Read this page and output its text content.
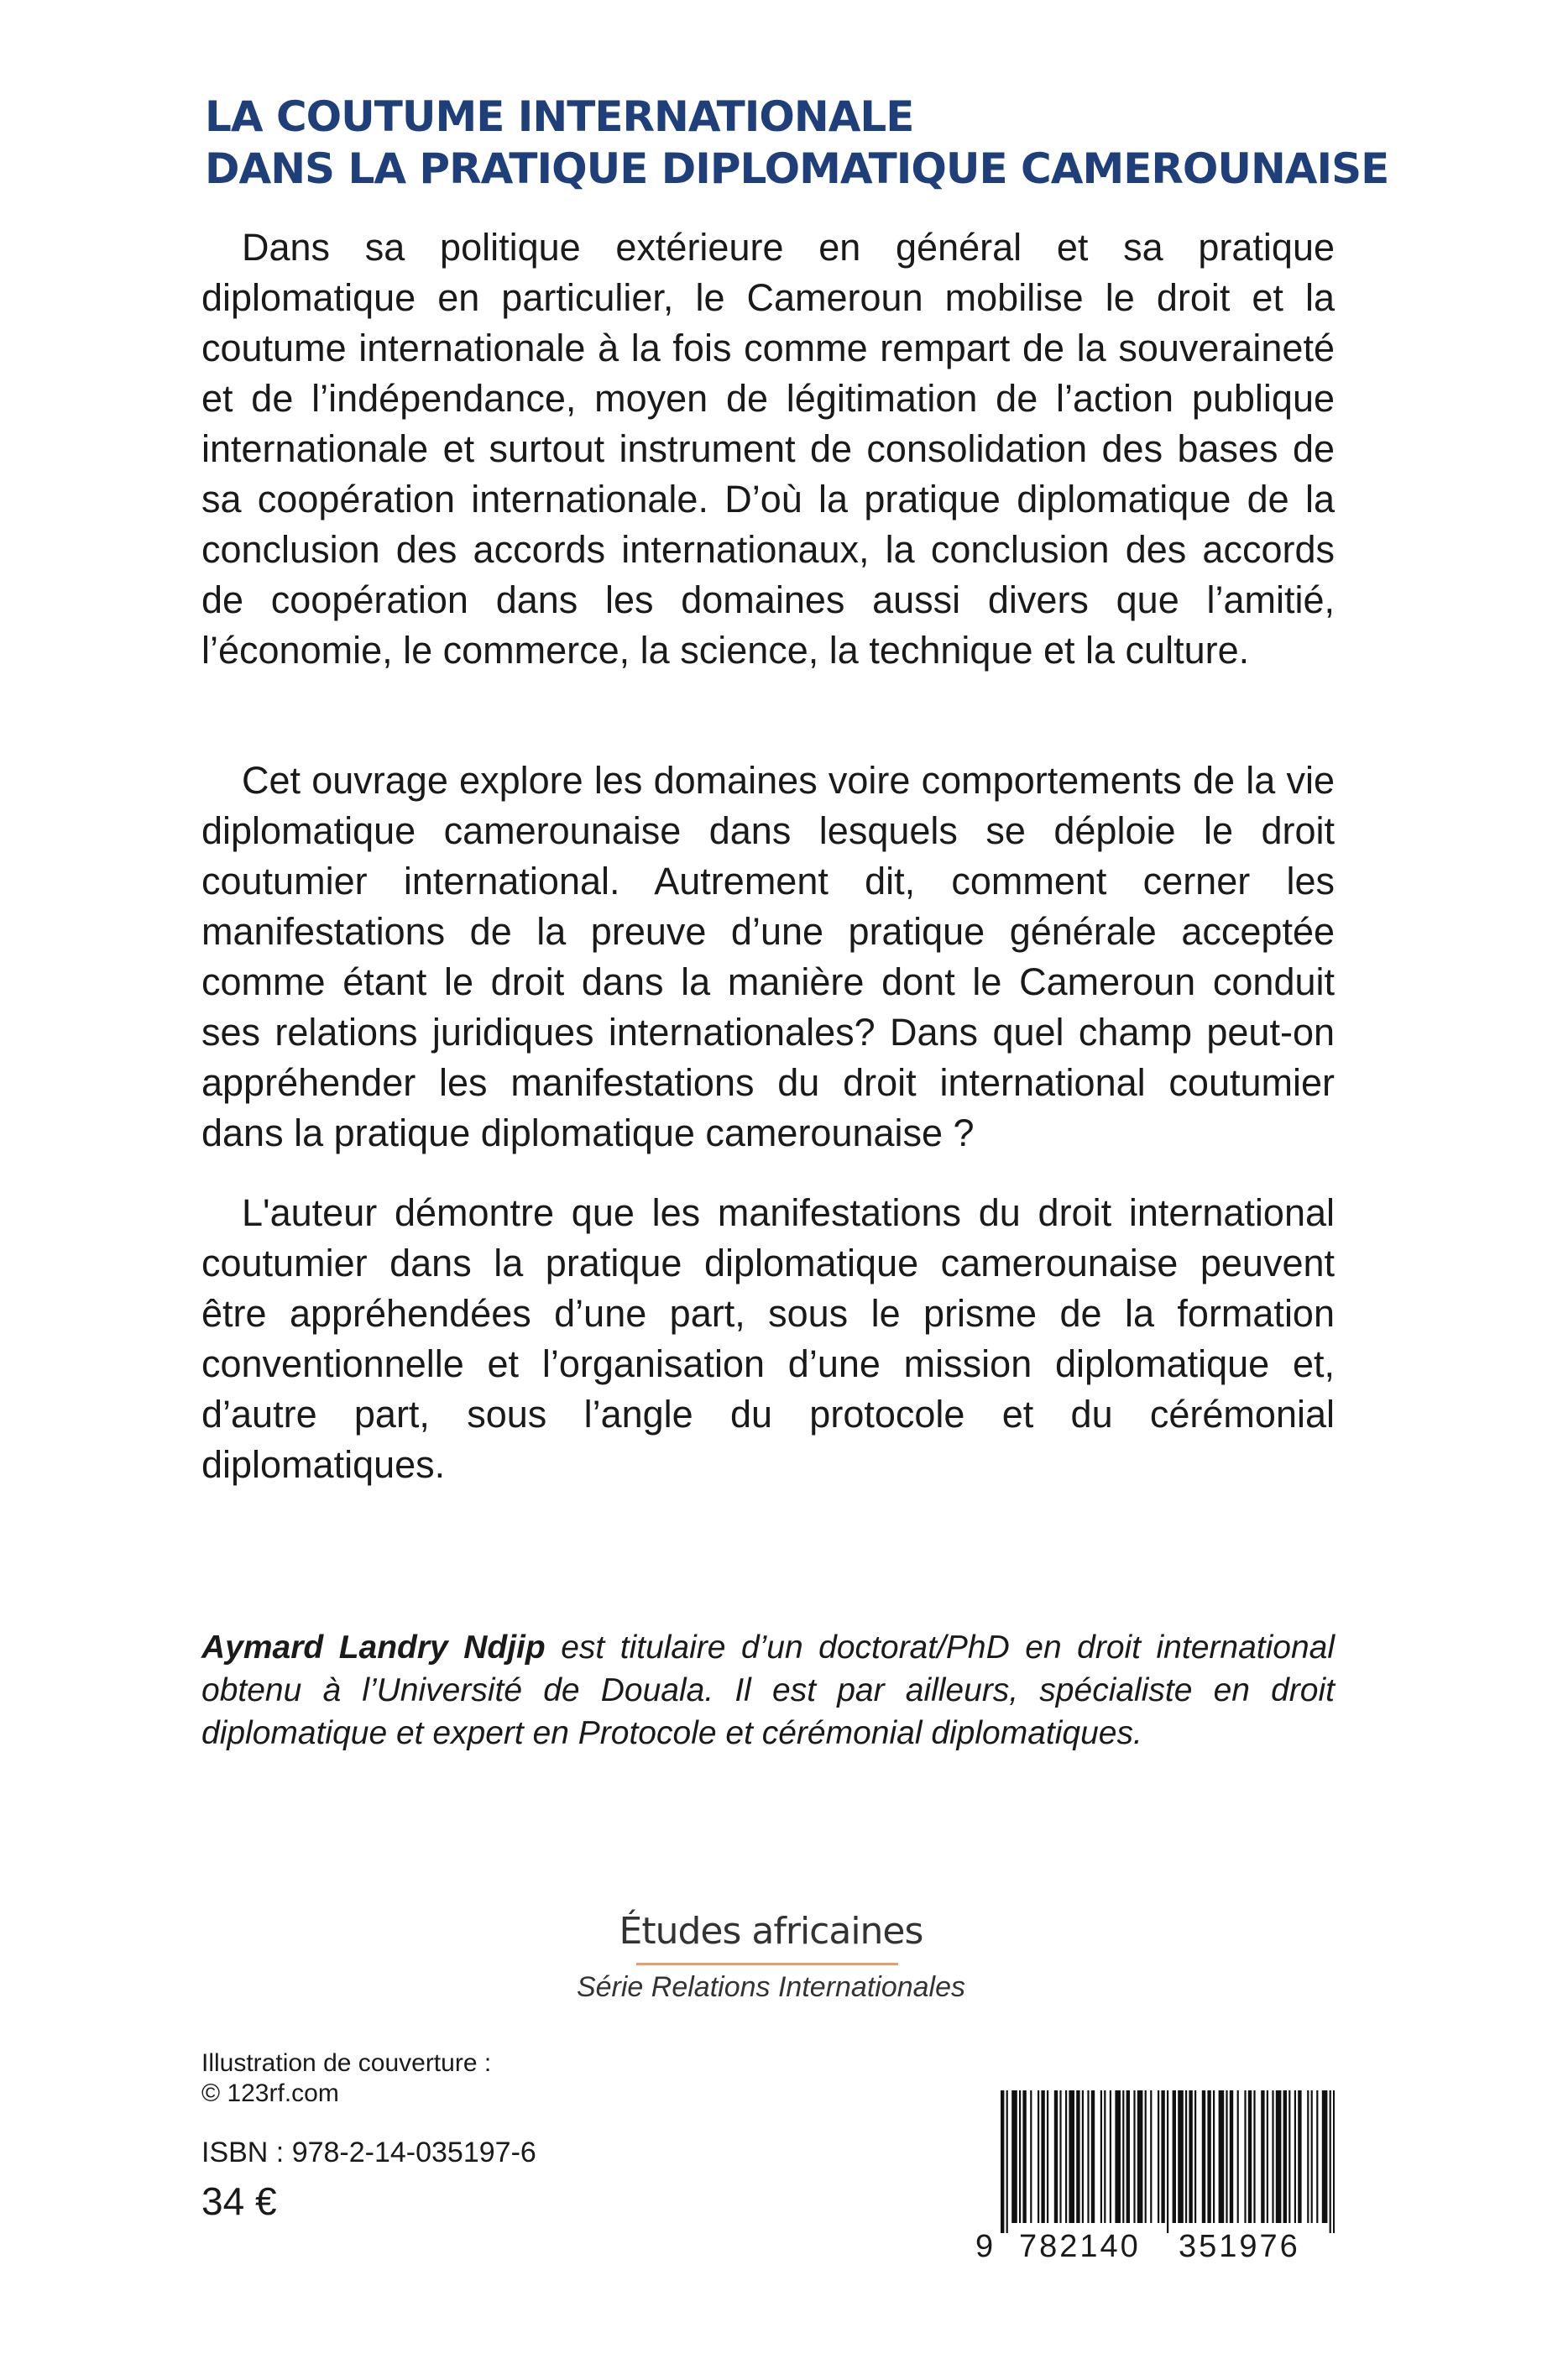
LA COUTUME INTERNATIONALE
DANS LA PRATIQUE DIPLOMATIQUE CAMEROUNAISE

Dans sa politique extérieure en général et sa pratique diplomatique en particulier, le Cameroun mobilise le droit et la coutume internationale à la fois comme rempart de la souveraineté et de l’indépendance, moyen de légitimation de l’action publique internationale et surtout instrument de consolidation des bases de sa coopération internationale. D’où la pratique diplomatique de la conclusion des accords internationaux, la conclusion des accords de coopération dans les domaines aussi divers que l’amitié, l’économie, le commerce, la science, la technique et la culture.

Cet ouvrage explore les domaines voire comportements de la vie diplomatique camerounaise dans lesquels se déploie le droit coutumier international. Autrement dit, comment cerner les manifestations de la preuve d’une pratique générale acceptée comme étant le droit dans la manière dont le Cameroun conduit ses relations juridiques internationales? Dans quel champ peut-on appréhender les manifestations du droit international coutumier dans la pratique diplomatique camerounaise ?

L'auteur démontre que les manifestations du droit international coutumier dans la pratique diplomatique camerounaise peuvent être appréhendées d’une part, sous le prisme de la formation conventionnelle et l’organisation d’une mission diplomatique et, d’autre part, sous l’angle du protocole et du cérémonial diplomatiques.

Aymard Landry Ndjip est titulaire d’un doctorat/PhD en droit international obtenu à l’Université de Douala. Il est par ailleurs, spécialiste en droit diplomatique et expert en Protocole et cérémonial diplomatiques.
Études africaines
Série Relations Internationales
Illustration de couverture :
© 123rf.com
ISBN : 978-2-14-035197-6
34 €
9 782140 351976
